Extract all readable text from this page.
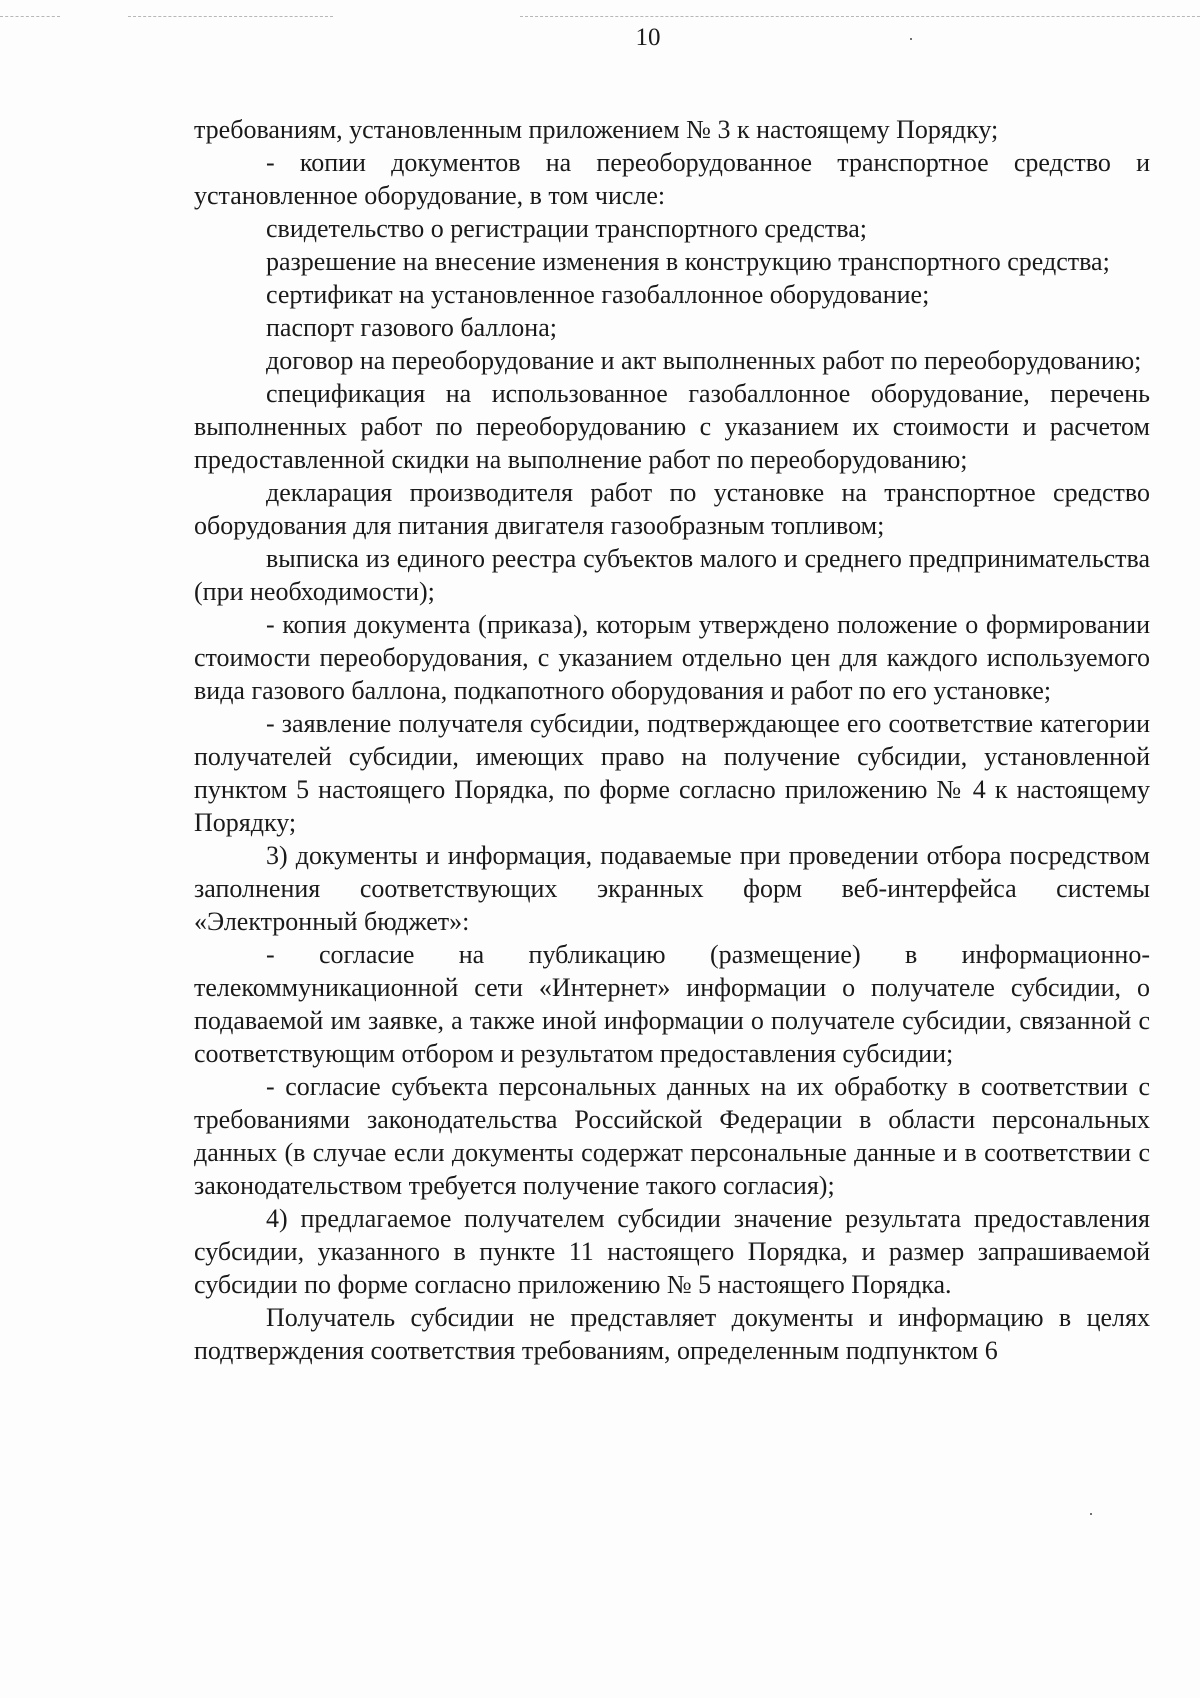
10

требованиям, установленным приложением № 3 к настоящему Порядку;

- копии документов на переоборудованное транспортное средство и установленное оборудование, в том числе:

свидетельство о регистрации транспортного средства;

разрешение на внесение изменения в конструкцию транспортного средства;

сертификат на установленное газобаллонное оборудование;

паспорт газового баллона;

договор на переоборудование и акт выполненных работ по переоборудованию;

спецификация на использованное газобаллонное оборудование, перечень выполненных работ по переоборудованию с указанием их стоимости и расчетом предоставленной скидки на выполнение работ по переоборудованию;

декларация производителя работ по установке на транспортное средство оборудования для питания двигателя газообразным топливом;

выписка из единого реестра субъектов малого и среднего предпринимательства (при необходимости);

- копия документа (приказа), которым утверждено положение о формировании стоимости переоборудования, с указанием отдельно цен для каждого используемого вида газового баллона, подкапотного оборудования и работ по его установке;

- заявление получателя субсидии, подтверждающее его соответствие категории получателей субсидии, имеющих право на получение субсидии, установленной пунктом 5 настоящего Порядка, по форме согласно приложению № 4 к настоящему Порядку;

3) документы и информация, подаваемые при проведении отбора посредством заполнения соответствующих экранных форм веб-интерфейса системы «Электронный бюджет»:

- согласие на публикацию (размещение) в информационно-телекоммуникационной сети «Интернет» информации о получателе субсидии, о подаваемой им заявке, а также иной информации о получателе субсидии, связанной с соответствующим отбором и результатом предоставления субсидии;

- согласие субъекта персональных данных на их обработку в соответствии с требованиями законодательства Российской Федерации в области персональных данных (в случае если документы содержат персональные данные и в соответствии с законодательством требуется получение такого согласия);

4) предлагаемое получателем субсидии значение результата предоставления субсидии, указанного в пункте 11 настоящего Порядка, и размер запрашиваемой субсидии по форме согласно приложению № 5 настоящего Порядка.

Получатель субсидии не представляет документы и информацию в целях подтверждения соответствия требованиям, определенным подпунктом 6
